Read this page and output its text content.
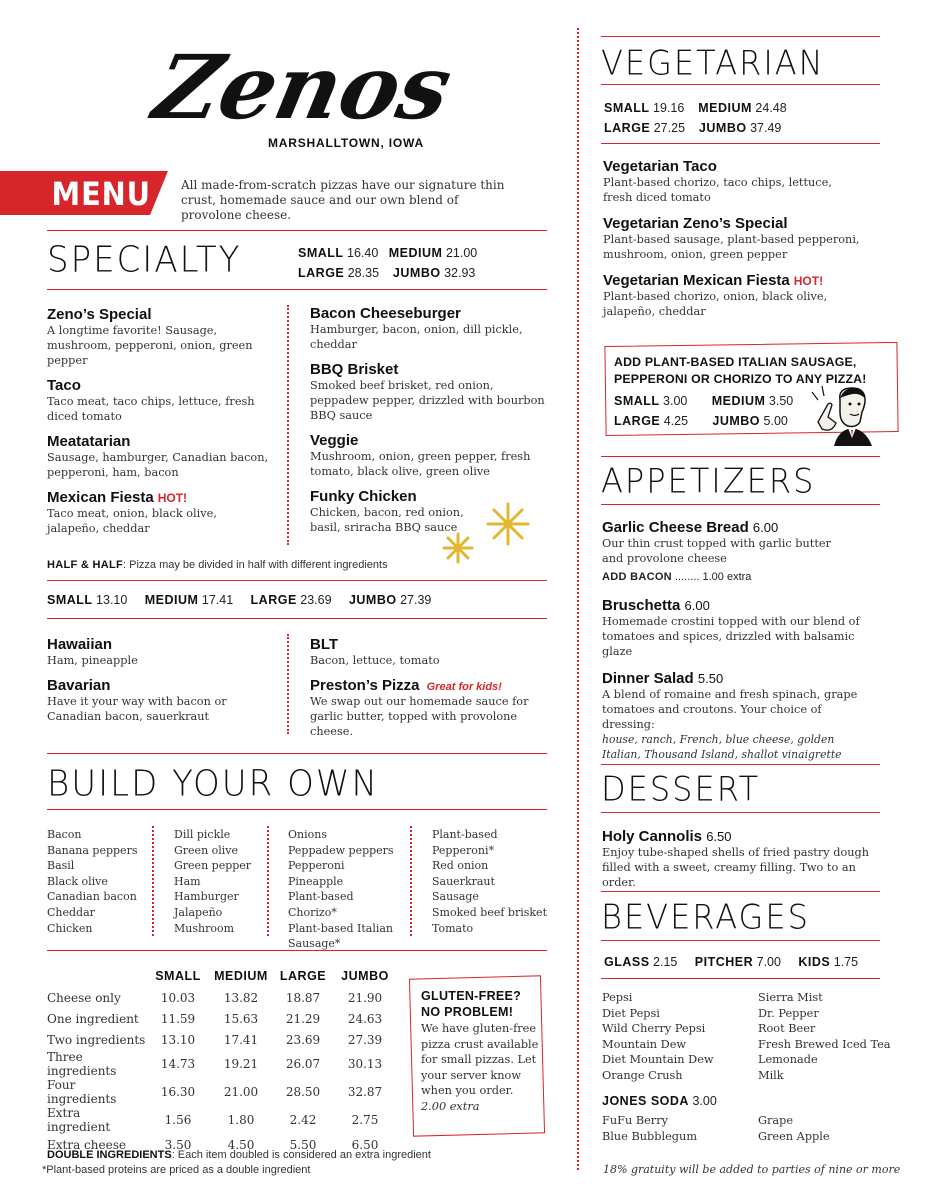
Zenos
MARSHALLTOWN, IOWA
MENU	All made-from-scratch pizzas have our signature thin crust, homemade sauce and our own blend of provolone cheese.
SPECIALTY	SMALL 16.40 MEDIUM 21.00
LARGE 28.35 JUMBO 32.93
Zeno’s Special
A longtime favorite! Sausage, mushroom, pepperoni, onion, green pepper
Taco
Taco meat, taco chips, lettuce, fresh diced tomato
Meatatarian
Sausage, hamburger, Canadian bacon, pepperoni, ham, bacon
Mexican Fiesta HOT!
Taco meat, onion, black olive, jalapeño, cheddar
Bacon Cheeseburger
Hamburger, bacon, onion, dill pickle, cheddar
BBQ Brisket
Smoked beef brisket, red onion, peppadew pepper, drizzled with bourbon BBQ sauce
Veggie
Mushroom, onion, green pepper, fresh tomato, black olive, green olive
Funky Chicken
Chicken, bacon, red onion, basil, sriracha BBQ sauce
HALF & HALF: Pizza may be divided in half with different ingredients
SMALL 13.10 MEDIUM 17.41 LARGE 23.69 JUMBO 27.39
Hawaiian
Ham, pineapple
Bavarian
Have it your way with bacon or Canadian bacon, sauerkraut
BLT
Bacon, lettuce, tomato
Preston’s Pizza Great for kids!
We swap out our homemade sauce for garlic butter, topped with provolone cheese.
BUILD YOUR OWN
Bacon
Banana peppers
Basil
Black olive
Canadian bacon
Cheddar
Chicken
Dill pickle
Green olive
Green pepper
Ham
Hamburger
Jalapeño
Mushroom
Onions
Peppadew peppers
Pepperoni
Pineapple
Plant-based Chorizo*
Plant-based Italian
Sausage*
Plant-based Pepperoni*
Red onion
Sauerkraut
Sausage
Smoked beef brisket
Tomato
	SMALL	MEDIUM	LARGE	JUMBO
Cheese only	10.03	13.82	18.87	21.90
One ingredient	11.59	15.63	21.29	24.63
Two ingredients	13.10	17.41	23.69	27.39
Three ingredients	14.73	19.21	26.07	30.13
Four ingredients	16.30	21.00	28.50	32.87
Extra ingredient	1.56	1.80	2.42	2.75
Extra cheese	3.50	4.50	5.50	6.50
GLUTEN-FREE? NO PROBLEM!
We have gluten-free pizza crust available for small pizzas. Let your server know when you order.
2.00 extra
DOUBLE INGREDIENTS: Each item doubled is considered an extra ingredient
*Plant-based proteins are priced as a double ingredient
VEGETARIAN
SMALL 19.16 MEDIUM 24.48
LARGE 27.25 JUMBO 37.49
Vegetarian Taco
Plant-based chorizo, taco chips, lettuce, fresh diced tomato
Vegetarian Zeno’s Special
Plant-based sausage, plant-based pepperoni, mushroom, onion, green pepper
Vegetarian Mexican Fiesta HOT!
Plant-based chorizo, onion, black olive, jalapeño, cheddar
ADD PLANT-BASED ITALIAN SAUSAGE, PEPPERONI OR CHORIZO TO ANY PIZZA!
SMALL 3.00 MEDIUM 3.50
LARGE 4.25 JUMBO 5.00
APPETIZERS
Garlic Cheese Bread 6.00
Our thin crust topped with garlic butter and provolone cheese
ADD BACON ........ 1.00 extra
Bruschetta 6.00
Homemade crostini topped with our blend of tomatoes and spices, drizzled with balsamic glaze
Dinner Salad 5.50
A blend of romaine and fresh spinach, grape tomatoes and croutons. Your choice of dressing:
house, ranch, French, blue cheese, golden Italian, Thousand Island, shallot vinaigrette
DESSERT
Holy Cannolis 6.50
Enjoy tube-shaped shells of fried pastry dough filled with a sweet, creamy filling. Two to an order.
BEVERAGES
GLASS 2.15 PITCHER 7.00 KIDS 1.75
Pepsi
Diet Pepsi
Wild Cherry Pepsi
Mountain Dew
Diet Mountain Dew
Orange Crush
Sierra Mist
Dr. Pepper
Root Beer
Fresh Brewed Iced Tea
Lemonade
Milk
JONES SODA 3.00
FuFu Berry
Blue Bubblegum
Grape
Green Apple
18% gratuity will be added to parties of nine or more
